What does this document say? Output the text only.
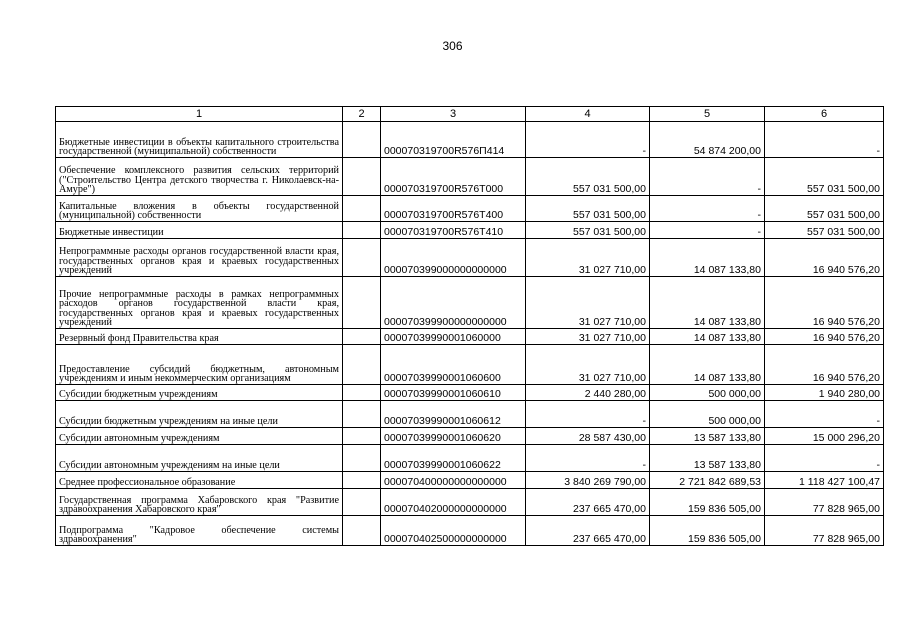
306
1	2	3	4	5	6
Бюджетные инвестиции в объекты капитального строительства государственной (муниципальной) собственности		000070319700R576П414	-	54 874 200,00	-
Обеспечение комплексного развития сельских территорий ("Строительство Центра детского творчества г. Николаевск-на-Амуре")		000070319700R576Т000	557 031 500,00	-	557 031 500,00
Капитальные вложения в объекты государственной (муниципальной) собственности		000070319700R576Т400	557 031 500,00	-	557 031 500,00
Бюджетные инвестиции		000070319700R576Т410	557 031 500,00	-	557 031 500,00
Непрограммные расходы органов государственной власти края, государственных органов края и краевых государственных учреждений		000070399000000000000	31 027 710,00	14 087 133,80	16 940 576,20
Прочие непрограммные расходы в рамках непрограммных расходов органов государственной власти края, государственных органов края и краевых государственных учреждений		000070399900000000000	31 027 710,00	14 087 133,80	16 940 576,20
Резервный фонд Правительства края		00007039990001060000	31 027 710,00	14 087 133,80	16 940 576,20
Предоставление субсидий бюджетным, автономным учреждениям и иным некоммерческим организациям		00007039990001060600	31 027 710,00	14 087 133,80	16 940 576,20
Субсидии бюджетным учреждениям		00007039990001060610	2 440 280,00	500 000,00	1 940 280,00
Субсидии бюджетным учреждениям на иные цели		00007039990001060612	-	500 000,00	-
Субсидии автономным учреждениям		00007039990001060620	28 587 430,00	13 587 133,80	15 000 296,20
Субсидии автономным учреждениям на иные цели		00007039990001060622	-	13 587 133,80	-
Среднее профессиональное образование		000070400000000000000	3 840 269 790,00	2 721 842 689,53	1 118 427 100,47
Государственная программа Хабаровского края "Развитие здравоохранения Хабаровского края"		000070402000000000000	237 665 470,00	159 836 505,00	77 828 965,00
Подпрограмма "Кадровое обеспечение системы здравоохранения"		000070402500000000000	237 665 470,00	159 836 505,00	77 828 965,00
